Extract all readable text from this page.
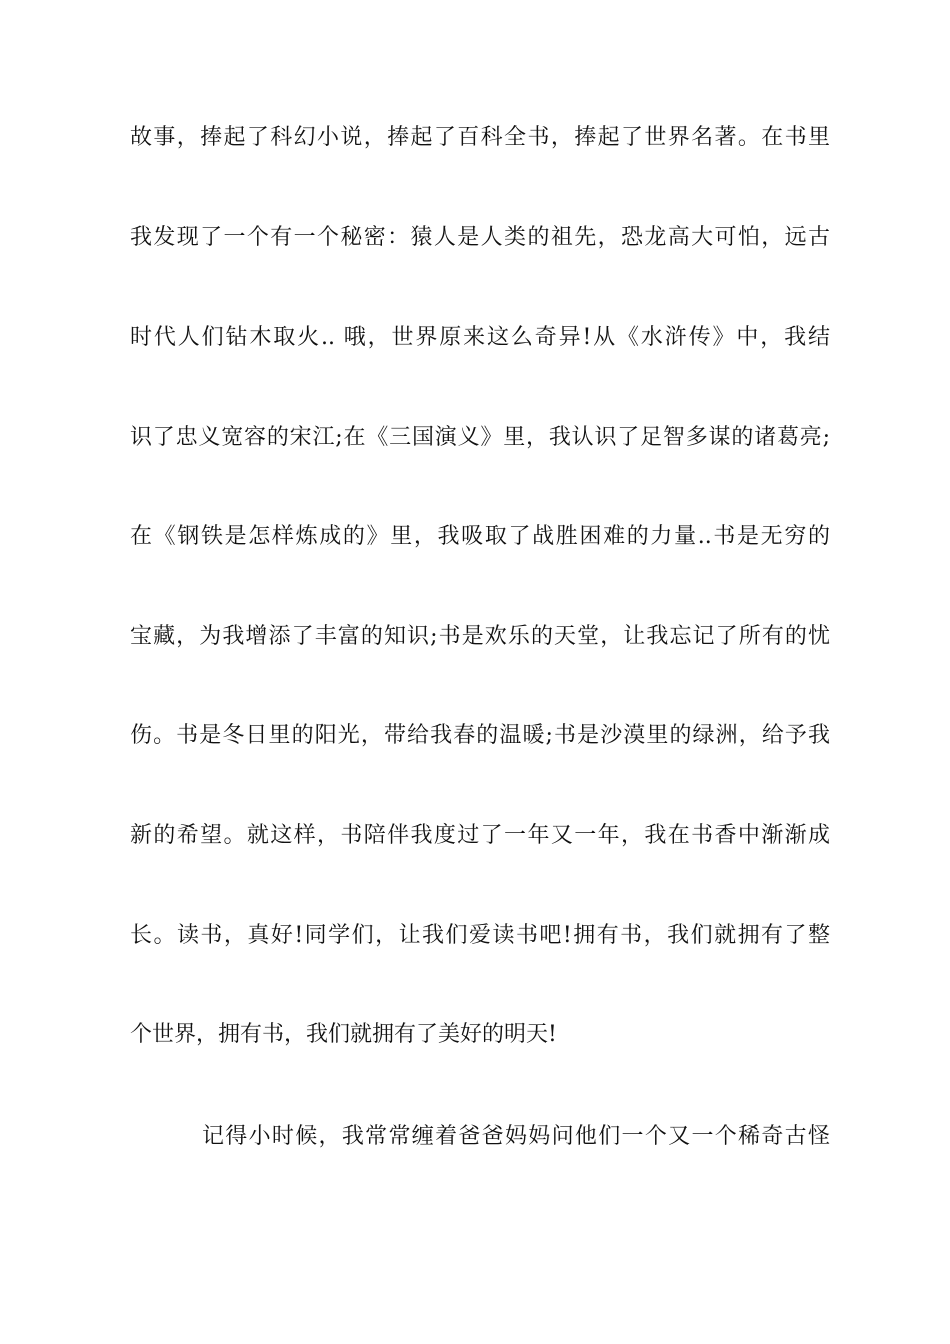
故事，捧起了科幻小说，捧起了百科全书，捧起了世界名著。在书里
我发现了一个有一个秘密：猿人是人类的祖先，恐龙高大可怕，远古
时代人们钻木取火.. 哦，世界原来这么奇异!从《水浒传》中，我结
识了忠义宽容的宋江;在《三国演义》里，我认识了足智多谋的诸葛亮;
在《钢铁是怎样炼成的》里，我吸取了战胜困难的力量..书是无穷的
宝藏，为我增添了丰富的知识;书是欢乐的天堂，让我忘记了所有的忧
伤。书是冬日里的阳光，带给我春的温暖;书是沙漠里的绿洲，给予我
新的希望。就这样，书陪伴我度过了一年又一年，我在书香中渐渐成
长。读书，真好!同学们，让我们爱读书吧!拥有书，我们就拥有了整
个世界，拥有书，我们就拥有了美好的明天!
记得小时候，我常常缠着爸爸妈妈问他们一个又一个稀奇古怪
